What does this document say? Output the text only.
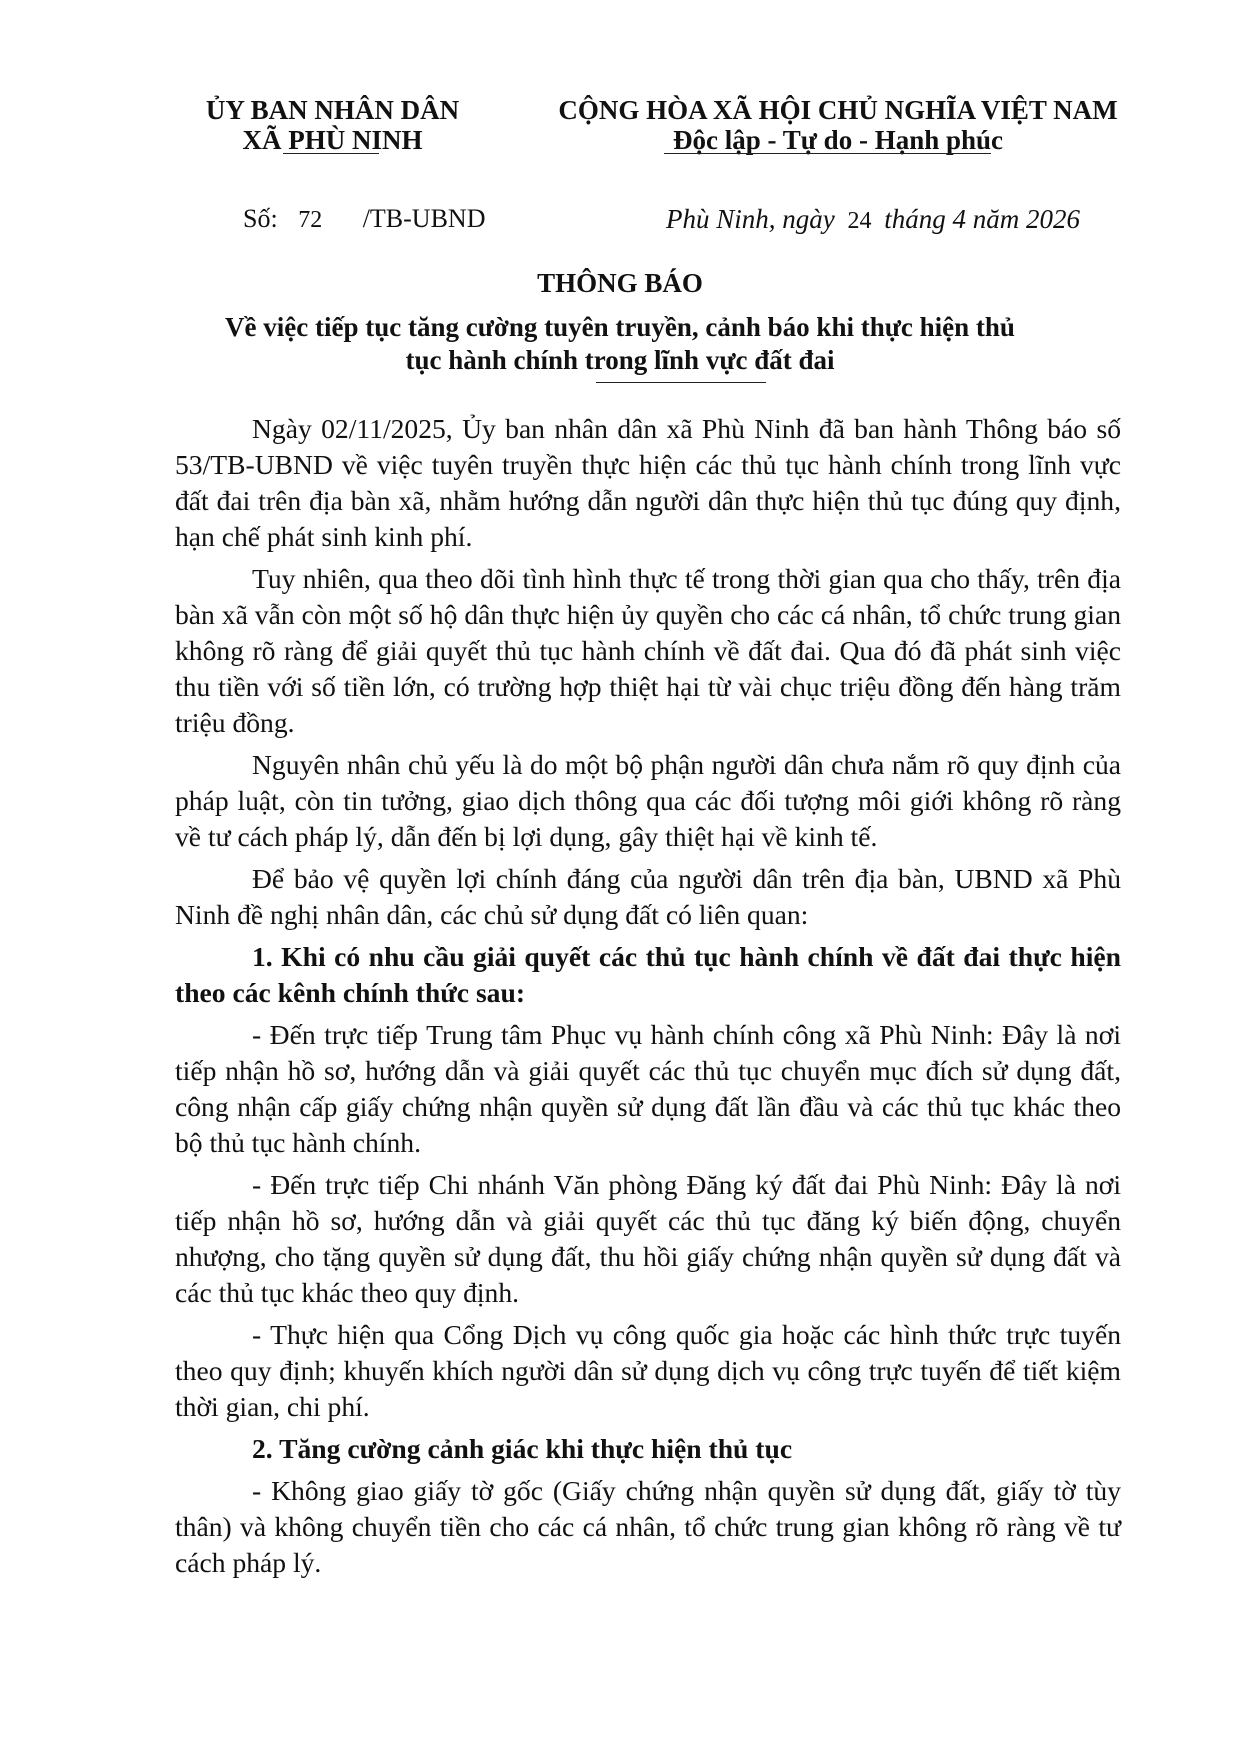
ỦY BAN NHÂN DÂN
XÃ PHÙ NINH
CỘNG HÒA XÃ HỘI CHỦ NGHĨA VIỆT NAM
Độc lập - Tự do - Hạnh phúc
Số: 72 /TB-UBND	Phù Ninh, ngày 24 tháng 4 năm 2026
THÔNG BÁO
Về việc tiếp tục tăng cường tuyên truyền, cảnh báo khi thực hiện thủ
tục hành chính trong lĩnh vực đất đai

Ngày 02/11/2025, Ủy ban nhân dân xã Phù Ninh đã ban hành Thông báo số 53/TB-UBND về việc tuyên truyền thực hiện các thủ tục hành chính trong lĩnh vực đất đai trên địa bàn xã, nhằm hướng dẫn người dân thực hiện thủ tục đúng quy định, hạn chế phát sinh kinh phí.

Tuy nhiên, qua theo dõi tình hình thực tế trong thời gian qua cho thấy, trên địa bàn xã vẫn còn một số hộ dân thực hiện ủy quyền cho các cá nhân, tổ chức trung gian không rõ ràng để giải quyết thủ tục hành chính về đất đai. Qua đó đã phát sinh việc thu tiền với số tiền lớn, có trường hợp thiệt hại từ vài chục triệu đồng đến hàng trăm triệu đồng.

Nguyên nhân chủ yếu là do một bộ phận người dân chưa nắm rõ quy định của pháp luật, còn tin tưởng, giao dịch thông qua các đối tượng môi giới không rõ ràng về tư cách pháp lý, dẫn đến bị lợi dụng, gây thiệt hại về kinh tế.

Để bảo vệ quyền lợi chính đáng của người dân trên địa bàn, UBND xã Phù Ninh đề nghị nhân dân, các chủ sử dụng đất có liên quan:

1. Khi có nhu cầu giải quyết các thủ tục hành chính về đất đai thực hiện theo các kênh chính thức sau:

- Đến trực tiếp Trung tâm Phục vụ hành chính công xã Phù Ninh: Đây là nơi tiếp nhận hồ sơ, hướng dẫn và giải quyết các thủ tục chuyển mục đích sử dụng đất, công nhận cấp giấy chứng nhận quyền sử dụng đất lần đầu và các thủ tục khác theo bộ thủ tục hành chính.

- Đến trực tiếp Chi nhánh Văn phòng Đăng ký đất đai Phù Ninh: Đây là nơi tiếp nhận hồ sơ, hướng dẫn và giải quyết các thủ tục đăng ký biến động, chuyển nhượng, cho tặng quyền sử dụng đất, thu hồi giấy chứng nhận quyền sử dụng đất và các thủ tục khác theo quy định.

- Thực hiện qua Cổng Dịch vụ công quốc gia hoặc các hình thức trực tuyến theo quy định; khuyến khích người dân sử dụng dịch vụ công trực tuyến để tiết kiệm thời gian, chi phí.

2. Tăng cường cảnh giác khi thực hiện thủ tục

- Không giao giấy tờ gốc (Giấy chứng nhận quyền sử dụng đất, giấy tờ tùy thân) và không chuyển tiền cho các cá nhân, tổ chức trung gian không rõ ràng về tư cách pháp lý.
